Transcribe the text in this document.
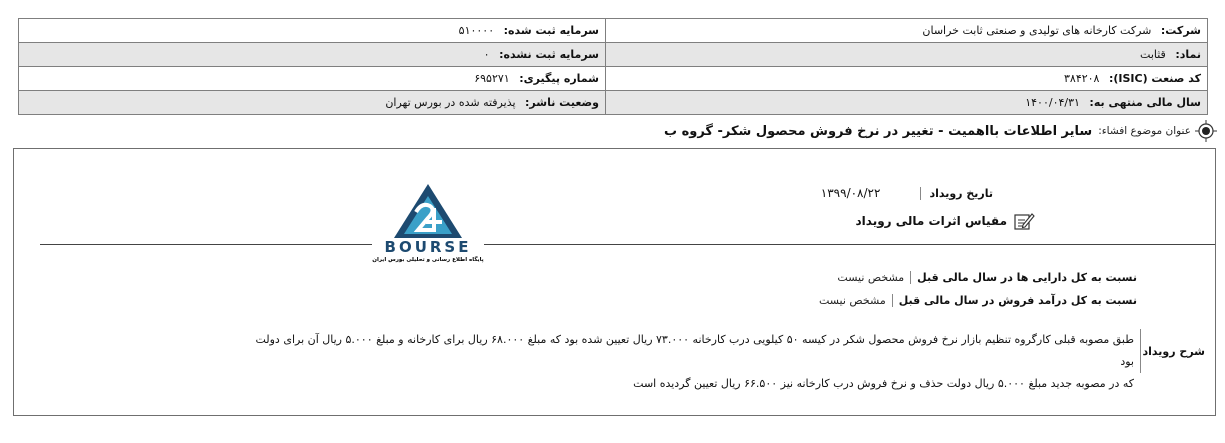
شرکت: شرکت کارخانه های تولیدی و صنعتی ثابت خراسان	سرمایه ثبت شده: ۵۱۰۰۰۰
نماد: قثابت	سرمایه ثبت نشده: ۰
کد صنعت (ISIC): ۳۸۴۲۰۸	شماره پیگیری: ۶۹۵۲۷۱
سال مالی منتهی به: ۱۴۰۰/۰۴/۳۱	وضعیت ناشر: پذیرفته شده در بورس تهران
عنوان موضوع افشاء:
سایر اطلاعات بااهمیت - تغییر در نرخ فروش محصول شکر- گروه ب
تاریخ رویداد
۱۳۹۹/۰۸/۲۲
مقیاس اثرات مالی رویداد
BOURSE
پایگاه اطلاع رسانی و تحلیلی بورس ایران
نسبت به کل دارایی ها در سال مالی قبل
مشخص نیست
نسبت به کل درآمد فروش در سال مالی قبل
مشخص نیست
شرح رویداد
طبق مصوبه قبلی کارگروه تنظیم بازار نرخ فروش محصول شکر در کیسه ۵۰ کیلویی درب کارخانه ۷۳.۰۰۰ ریال تعیین شده بود که مبلغ ۶۸.۰۰۰ ریال برای کارخانه و مبلغ ۵.۰۰۰ ریال آن برای دولت بود
که در مصوبه جدید مبلغ ۵.۰۰۰ ریال دولت حذف و نرخ فروش درب کارخانه نیز ۶۶.۵۰۰ ریال تعیین گردیده است
